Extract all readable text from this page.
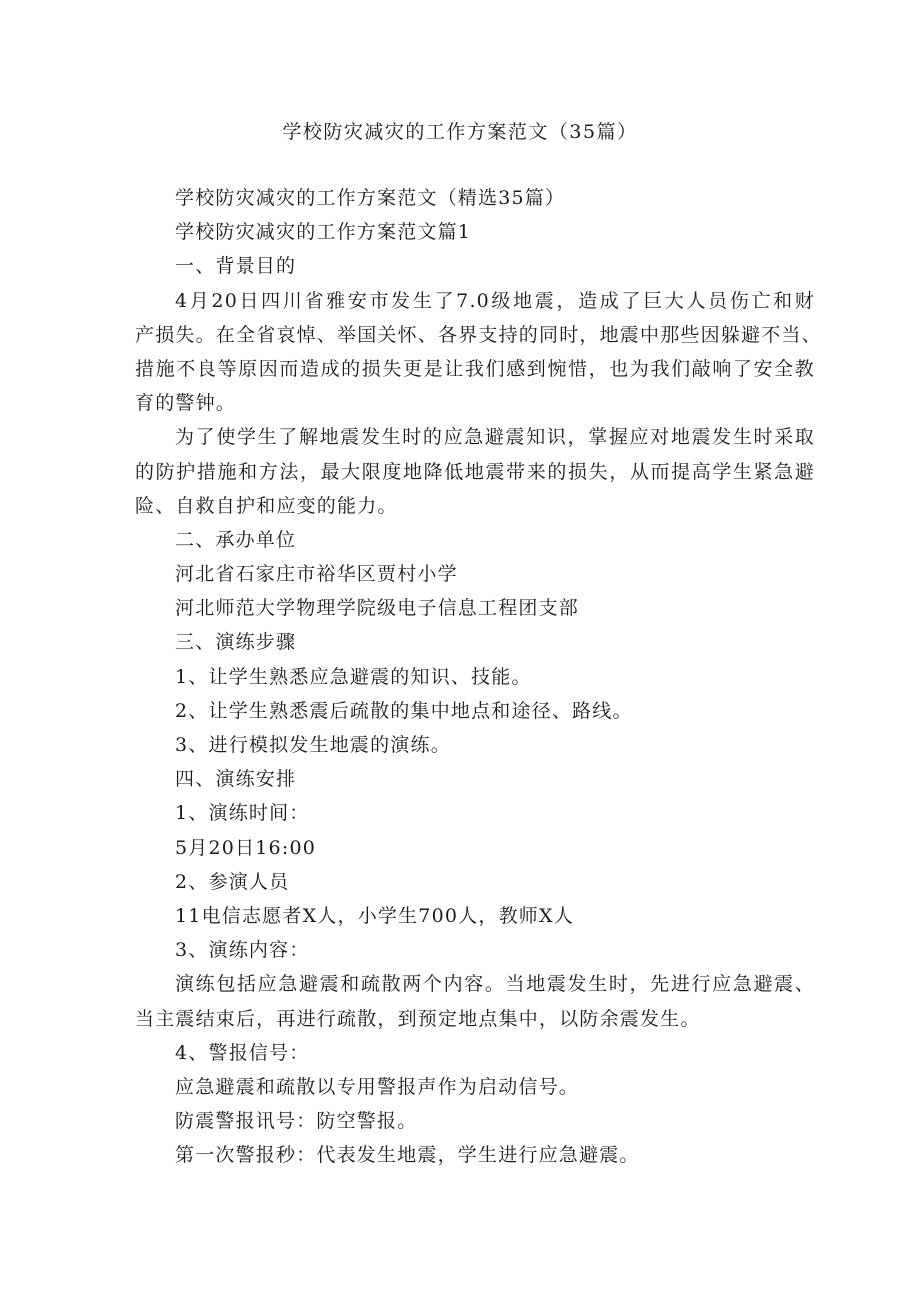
学校防灾减灾的工作方案范文（35篇）
学校防灾减灾的工作方案范文（精选35篇）
学校防灾减灾的工作方案范文篇1
一、背景目的
4月20日四川省雅安市发生了7.0级地震，造成了巨大人员伤亡和财
产损失。在全省哀悼、举国关怀、各界支持的同时，地震中那些因躲避不当、
措施不良等原因而造成的损失更是让我们感到惋惜，也为我们敲响了安全教
育的警钟。
为了使学生了解地震发生时的应急避震知识，掌握应对地震发生时采取
的防护措施和方法，最大限度地降低地震带来的损失，从而提高学生紧急避
险、自救自护和应变的能力。
二、承办单位
河北省石家庄市裕华区贾村小学
河北师范大学物理学院级电子信息工程团支部
三、演练步骤
1、让学生熟悉应急避震的知识、技能。
2、让学生熟悉震后疏散的集中地点和途径、路线。
3、进行模拟发生地震的演练。
四、演练安排
1、演练时间：
5月20日16:00
2、参演人员
11电信志愿者X人，小学生700人，教师X人
3、演练内容：
演练包括应急避震和疏散两个内容。当地震发生时，先进行应急避震、
当主震结束后，再进行疏散，到预定地点集中，以防余震发生。
4、警报信号：
应急避震和疏散以专用警报声作为启动信号。
防震警报讯号：防空警报。
第一次警报秒：代表发生地震，学生进行应急避震。
